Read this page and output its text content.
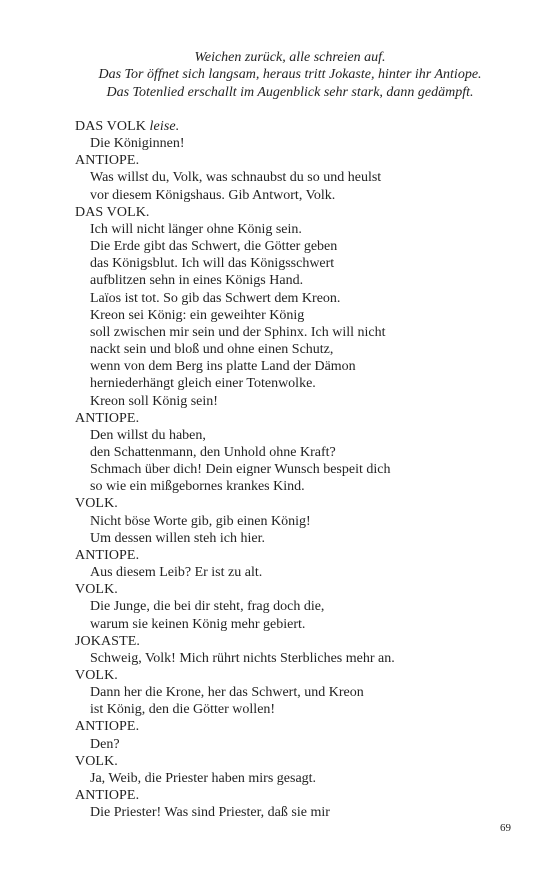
Weichen zurück, alle schreien auf.
Das Tor öffnet sich langsam, heraus tritt Jokaste, hinter ihr Antiope.
Das Totenlied erschallt im Augenblick sehr stark, dann gedämpft.
DAS VOLK leise.
Die Königinnen!
ANTIOPE.
Was willst du, Volk, was schnaubst du so und heulst
vor diesem Königshaus. Gib Antwort, Volk.
DAS VOLK.
Ich will nicht länger ohne König sein.
Die Erde gibt das Schwert, die Götter geben
das Königsblut. Ich will das Königsschwert
aufblitzen sehn in eines Königs Hand.
Laïos ist tot. So gib das Schwert dem Kreon.
Kreon sei König: ein geweihter König
soll zwischen mir sein und der Sphinx. Ich will nicht
nackt sein und bloß und ohne einen Schutz,
wenn von dem Berg ins platte Land der Dämon
herniederhängt gleich einer Totenwolke.
Kreon soll König sein!
ANTIOPE.
Den willst du haben,
den Schattenmann, den Unhold ohne Kraft?
Schmach über dich! Dein eigner Wunsch bespeit dich
so wie ein mißgebornes krankes Kind.
VOLK.
Nicht böse Worte gib, gib einen König!
Um dessen willen steh ich hier.
ANTIOPE.
Aus diesem Leib? Er ist zu alt.
VOLK.
Die Junge, die bei dir steht, frag doch die,
warum sie keinen König mehr gebiert.
JOKASTE.
Schweig, Volk! Mich rührt nichts Sterbliches mehr an.
VOLK.
Dann her die Krone, her das Schwert, und Kreon
ist König, den die Götter wollen!
ANTIOPE.
Den?
VOLK.
Ja, Weib, die Priester haben mirs gesagt.
ANTIOPE.
Die Priester! Was sind Priester, daß sie mir
69
